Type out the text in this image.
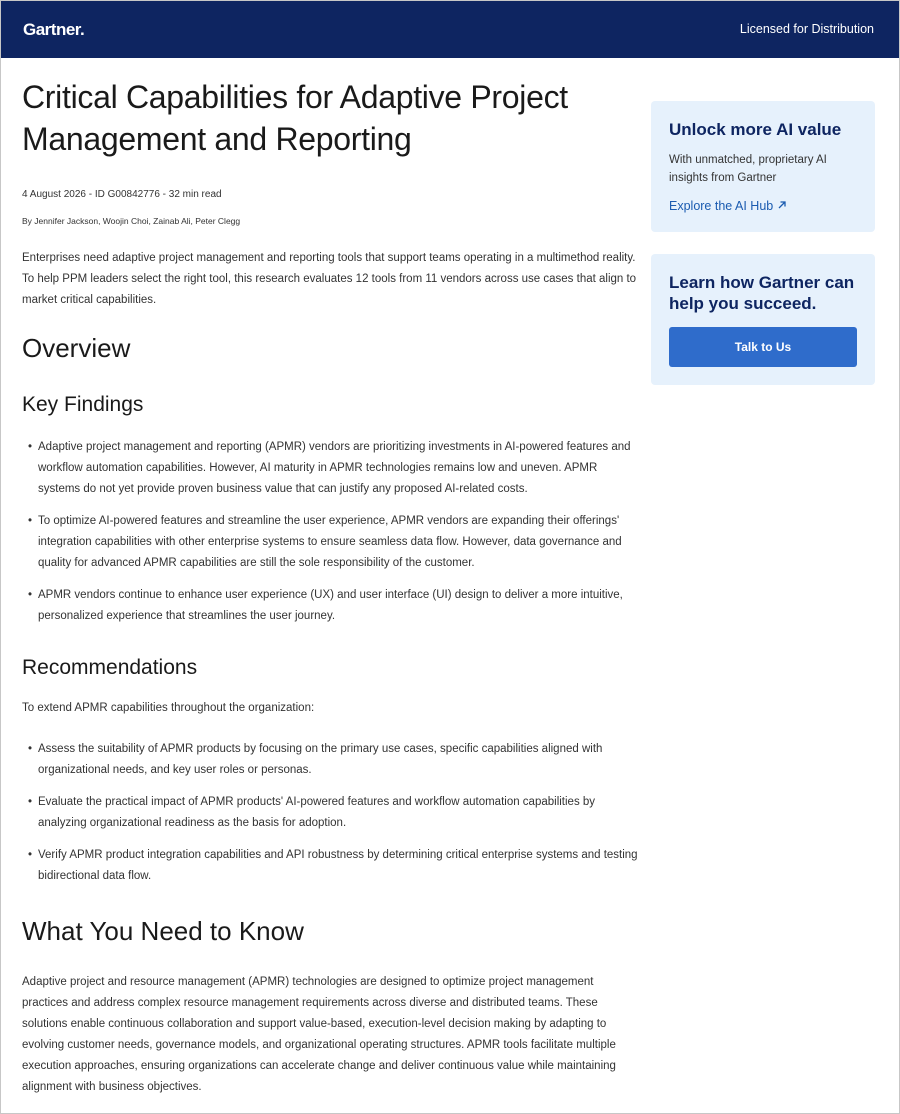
Gartner.	Licensed for Distribution
Critical Capabilities for Adaptive Project Management and Reporting
4 August 2026 - ID G00842776 - 32 min read
By Jennifer Jackson, Woojin Choi, Zainab Ali, Peter Clegg

Enterprises need adaptive project management and reporting tools that support teams operating in a multimethod reality. To help PPM leaders select the right tool, this research evaluates 12 tools from 11 vendors across use cases that align to market critical capabilities.

Overview
Key Findings
• Adaptive project management and reporting (APMR) vendors are prioritizing investments in AI-powered features and workflow automation capabilities. However, AI maturity in APMR technologies remains low and uneven. APMR systems do not yet provide proven business value that can justify any proposed AI-related costs.
• To optimize AI-powered features and streamline the user experience, APMR vendors are expanding their offerings' integration capabilities with other enterprise systems to ensure seamless data flow. However, data governance and quality for advanced APMR capabilities are still the sole responsibility of the customer.
• APMR vendors continue to enhance user experience (UX) and user interface (UI) design to deliver a more intuitive, personalized experience that streamlines the user journey.
Recommendations

To extend APMR capabilities throughout the organization:

• Assess the suitability of APMR products by focusing on the primary use cases, specific capabilities aligned with organizational needs, and key user roles or personas.
• Evaluate the practical impact of APMR products' AI-powered features and workflow automation capabilities by analyzing organizational readiness as the basis for adoption.
• Verify APMR product integration capabilities and API robustness by determining critical enterprise systems and testing bidirectional data flow.
What You Need to Know

Adaptive project and resource management (APMR) technologies are designed to optimize project management practices and address complex resource management requirements across diverse and distributed teams. These solutions enable continuous collaboration and support value-based, execution-level decision making by adapting to evolving customer needs, governance models, and organizational operating structures. APMR tools facilitate multiple execution approaches, ensuring organizations can accelerate change and deliver continuous value while maintaining alignment with business objectives.

Unlock more AI value
With unmatched, proprietary AI insights from Gartner
Explore the AI Hub
Learn how Gartner can help you succeed.
Talk to Us
